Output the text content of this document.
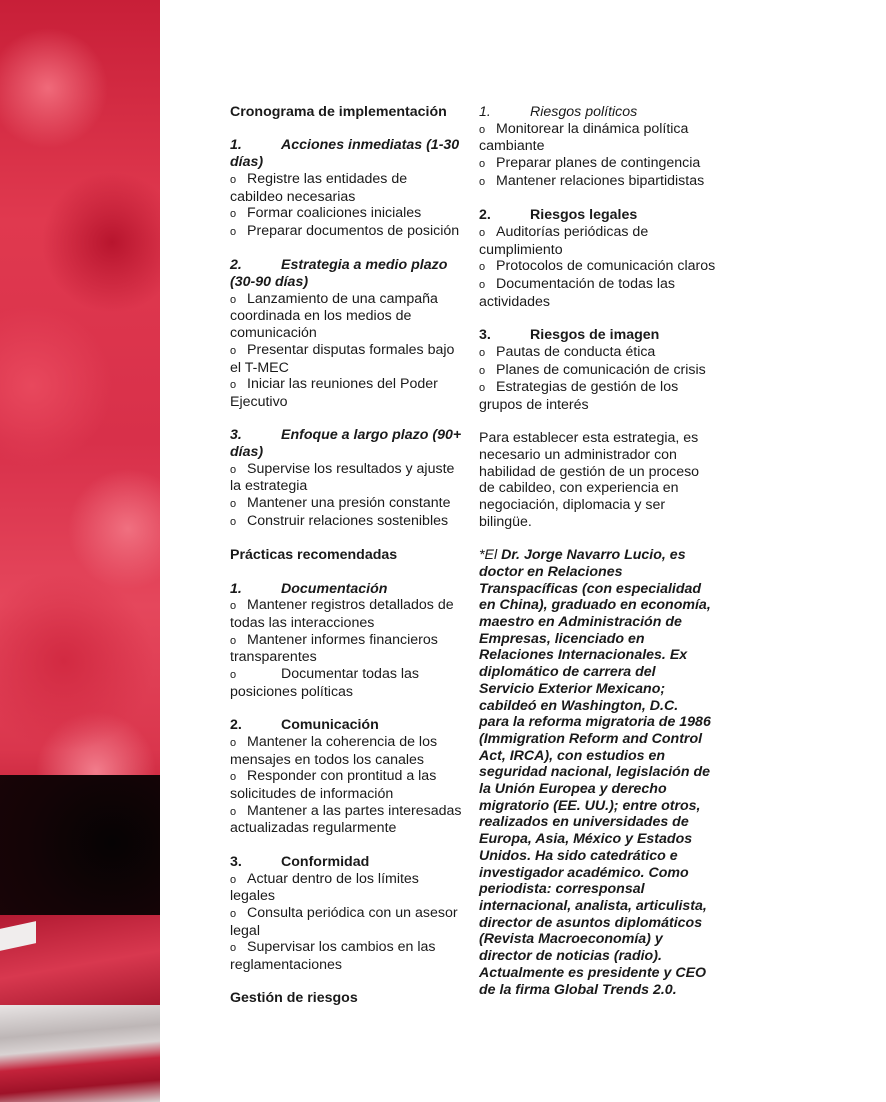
Cronograma de implementación
1.	Acciones inmediatas (1-30 días)
o Registre las entidades de cabildeo necesarias
o Formar coaliciones iniciales
o Preparar documentos de posición
2.	Estrategia a medio plazo (30-90 días)
o Lanzamiento de una campaña coordinada en los medios de comunicación
o Presentar disputas formales bajo el T-MEC
o Iniciar las reuniones del Poder Ejecutivo
3.	Enfoque a largo plazo (90+ días)
o Supervise los resultados y ajuste la estrategia
o Mantener una presión constante
o Construir relaciones sostenibles
Prácticas recomendadas
1.	Documentación
o Mantener registros detallados de todas las interacciones
o Mantener informes financieros transparentes
o	Documentar todas las posiciones políticas
2.	Comunicación
o Mantener la coherencia de los mensajes en todos los canales
o Responder con prontitud a las solicitudes de información
o Mantener a las partes interesadas actualizadas regularmente
3.	Conformidad
o Actuar dentro de los límites legales
o Consulta periódica con un asesor legal
o Supervisar los cambios en las reglamentaciones
Gestión de riesgos
1.	Riesgos políticos
o Monitorear la dinámica política cambiante
o Preparar planes de contingencia
o Mantener relaciones bipartidistas
2.	Riesgos legales
o Auditorías periódicas de cumplimiento
o Protocolos de comunicación claros
o Documentación de todas las actividades
3.	Riesgos de imagen
o Pautas de conducta ética
o Planes de comunicación de crisis
o Estrategias de gestión de los grupos de interés
Para establecer esta estrategia, es necesario un administrador con habilidad de gestión de un proceso de cabildeo, con experiencia en negociación, diplomacia y ser bilingüe.
*El Dr. Jorge Navarro Lucio, es doctor en Relaciones Transpacíficas (con especialidad en China), graduado en economía, maestro en Administración de Empresas, licenciado en Relaciones Internacionales. Ex diplomático de carrera del Servicio Exterior Mexicano; cabildeó en Washington, D.C. para la reforma migratoria de 1986 (Immigration Reform and Control Act, IRCA), con estudios en seguridad nacional, legislación de la Unión Europea y derecho migratorio (EE. UU.); entre otros, realizados en universidades de Europa, Asia, México y Estados Unidos. Ha sido catedrático e investigador académico. Como periodista: corresponsal internacional, analista, articulista, director de asuntos diplomáticos (Revista Macroeconomía) y director de noticias (radio). Actualmente es presidente y CEO de la firma Global Trends 2.0.
